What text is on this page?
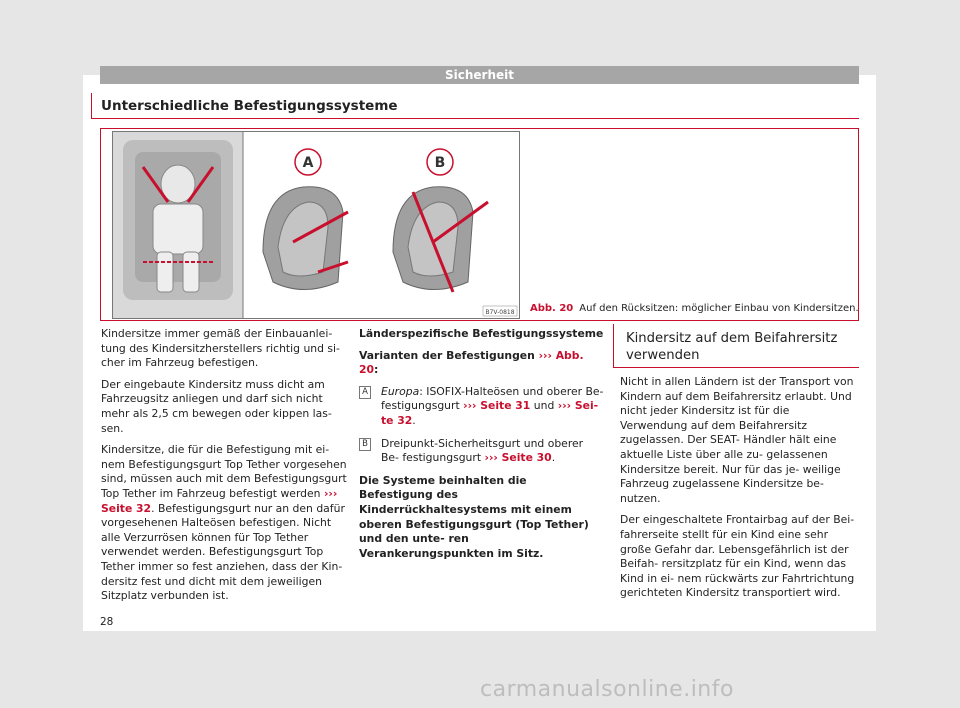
Sicherheit
Unterschiedliche Befestigungssysteme
A	B
B7V-0818 Abb. 20 Auf den Rücksitzen: möglicher Einbau von Kindersitzen.

Kindersitze immer gemäß der Einbauanlei- tung des Kindersitzherstellers richtig und si- cher im Fahrzeug befestigen.

Der eingebaute Kindersitz muss dicht am Fahrzeugsitz anliegen und darf sich nicht mehr als 2,5 cm bewegen oder kippen las- sen.

Kindersitze, die für die Befestigung mit ei- nem Befestigungsgurt Top Tether vorgesehen sind, müssen auch mit dem Befestigungsgurt Top Tether im Fahrzeug befestigt werden ››› Seite 32. Befestigungsgurt nur an den dafür vorgesehenen Halteösen befestigen. Nicht alle Verzurrösen können für Top Tether verwendet werden. Befestigungsgurt Top Tether immer so fest anziehen, dass der Kin- dersitz fest und dicht mit dem jeweiligen Sitzplatz verbunden ist.

Länderspezifische Befestigungssysteme

Varianten der Befestigungen ››› Abb. 20:

A Europa: ISOFIX-Halteösen und oberer Be- festigungsgurt ››› Seite 31 und ››› Sei- te 32.
B Dreipunkt-Sicherheitsgurt und oberer Be- festigungsgurt ››› Seite 30.

Die Systeme beinhalten die Befestigung des Kinderrückhaltesystems mit einem oberen Befestigungsgurt (Top Tether) und den unte- ren Verankerungspunkten im Sitz.

Kindersitz auf dem Beifahrersitz verwenden

Nicht in allen Ländern ist der Transport von Kindern auf dem Beifahrersitz erlaubt. Und nicht jeder Kindersitz ist für die Verwendung auf dem Beifahrersitz zugelassen. Der SEAT- Händler hält eine aktuelle Liste über alle zu- gelassenen Kindersitze bereit. Nur für das je- weilige Fahrzeug zugelassene Kindersitze be- nutzen.

Der eingeschaltete Frontairbag auf der Bei- fahrerseite stellt für ein Kind eine sehr große Gefahr dar. Lebensgefährlich ist der Beifah- rersitzplatz für ein Kind, wenn das Kind in ei- nem rückwärts zur Fahrtrichtung gerichteten Kindersitz transportiert wird.

28
carmanualsonline.info
